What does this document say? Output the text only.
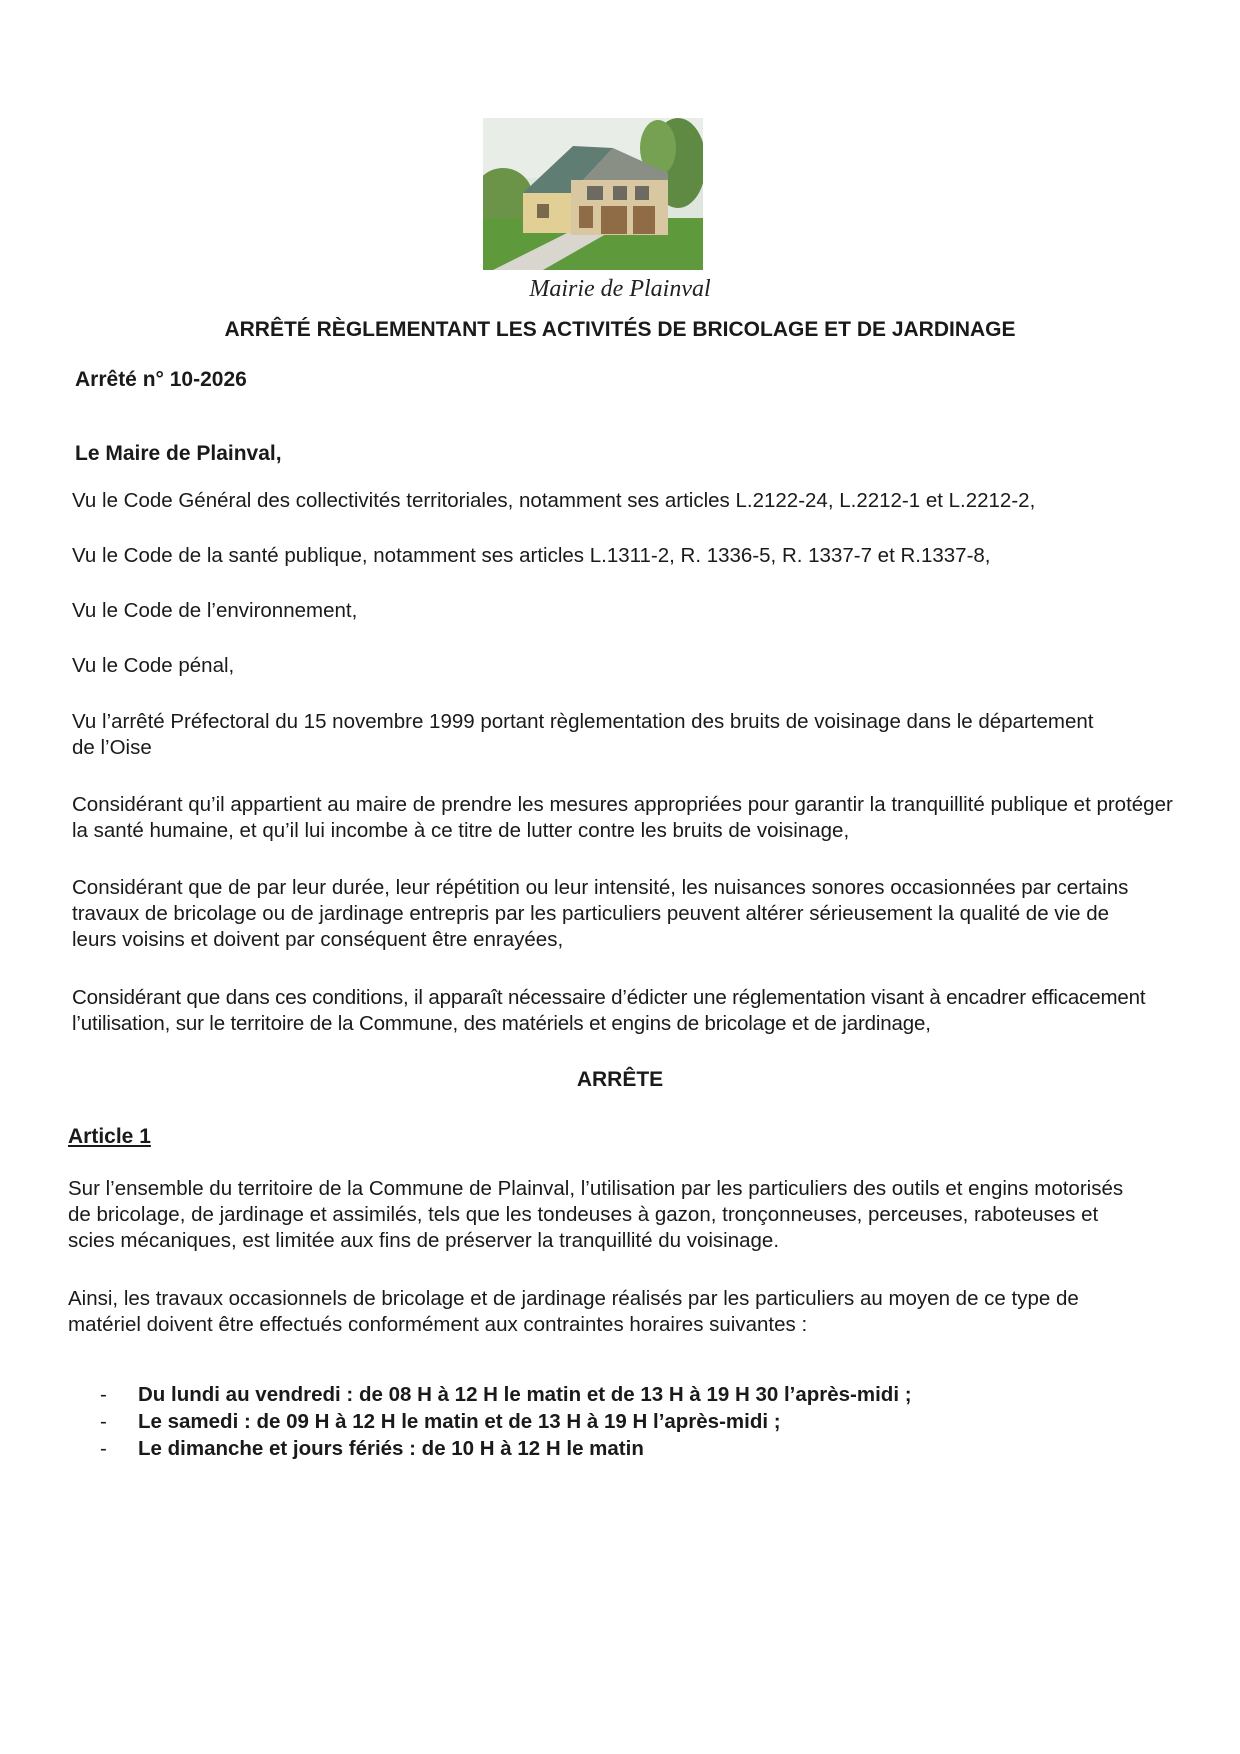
Mairie de Plainval
ARRÊTÉ RÈGLEMENTANT LES ACTIVITÉS DE BRICOLAGE ET DE JARDINAGE
Arrêté n° 10-2026
Le Maire de Plainval,
Vu le Code Général des collectivités territoriales, notamment ses articles L.2122-24, L.2212-1 et L.2212-2,
Vu le Code de la santé publique, notamment ses articles L.1311-2, R. 1336-5, R. 1337-7 et R.1337-8,
Vu le Code de l’environnement,
Vu le Code pénal,
Vu l’arrêté Préfectoral du 15 novembre 1999 portant règlementation des bruits de voisinage dans le département de l’Oise
Considérant qu’il appartient au maire de prendre les mesures appropriées pour garantir la tranquillité publique et protéger la santé humaine, et qu’il lui incombe à ce titre de lutter contre les bruits de voisinage,
Considérant que de par leur durée, leur répétition ou leur intensité, les nuisances sonores occasionnées par certains travaux de bricolage ou de jardinage entrepris par les particuliers peuvent altérer sérieusement la qualité de vie de leurs voisins et doivent par conséquent être enrayées,
Considérant que dans ces conditions, il apparaît nécessaire d’édicter une réglementation visant à encadrer efficacement l’utilisation, sur le territoire de la Commune, des matériels et engins de bricolage et de jardinage,
ARRÊTE
Article 1
Sur l’ensemble du territoire de la Commune de Plainval, l’utilisation par les particuliers des outils et engins motorisés de bricolage, de jardinage et assimilés, tels que les tondeuses à gazon, tronçonneuses, perceuses, raboteuses et scies mécaniques, est limitée aux fins de préserver la tranquillité du voisinage.
Ainsi, les travaux occasionnels de bricolage et de jardinage réalisés par les particuliers au moyen de ce type de matériel doivent être effectués conformément aux contraintes horaires suivantes :
- Du lundi au vendredi : de 08 H à 12 H le matin et de 13 H à 19 H 30 l’après-midi ;
- Le samedi : de 09 H à 12 H le matin et de 13 H à 19 H l’après-midi ;
- Le dimanche et jours fériés : de 10 H à 12 H le matin
